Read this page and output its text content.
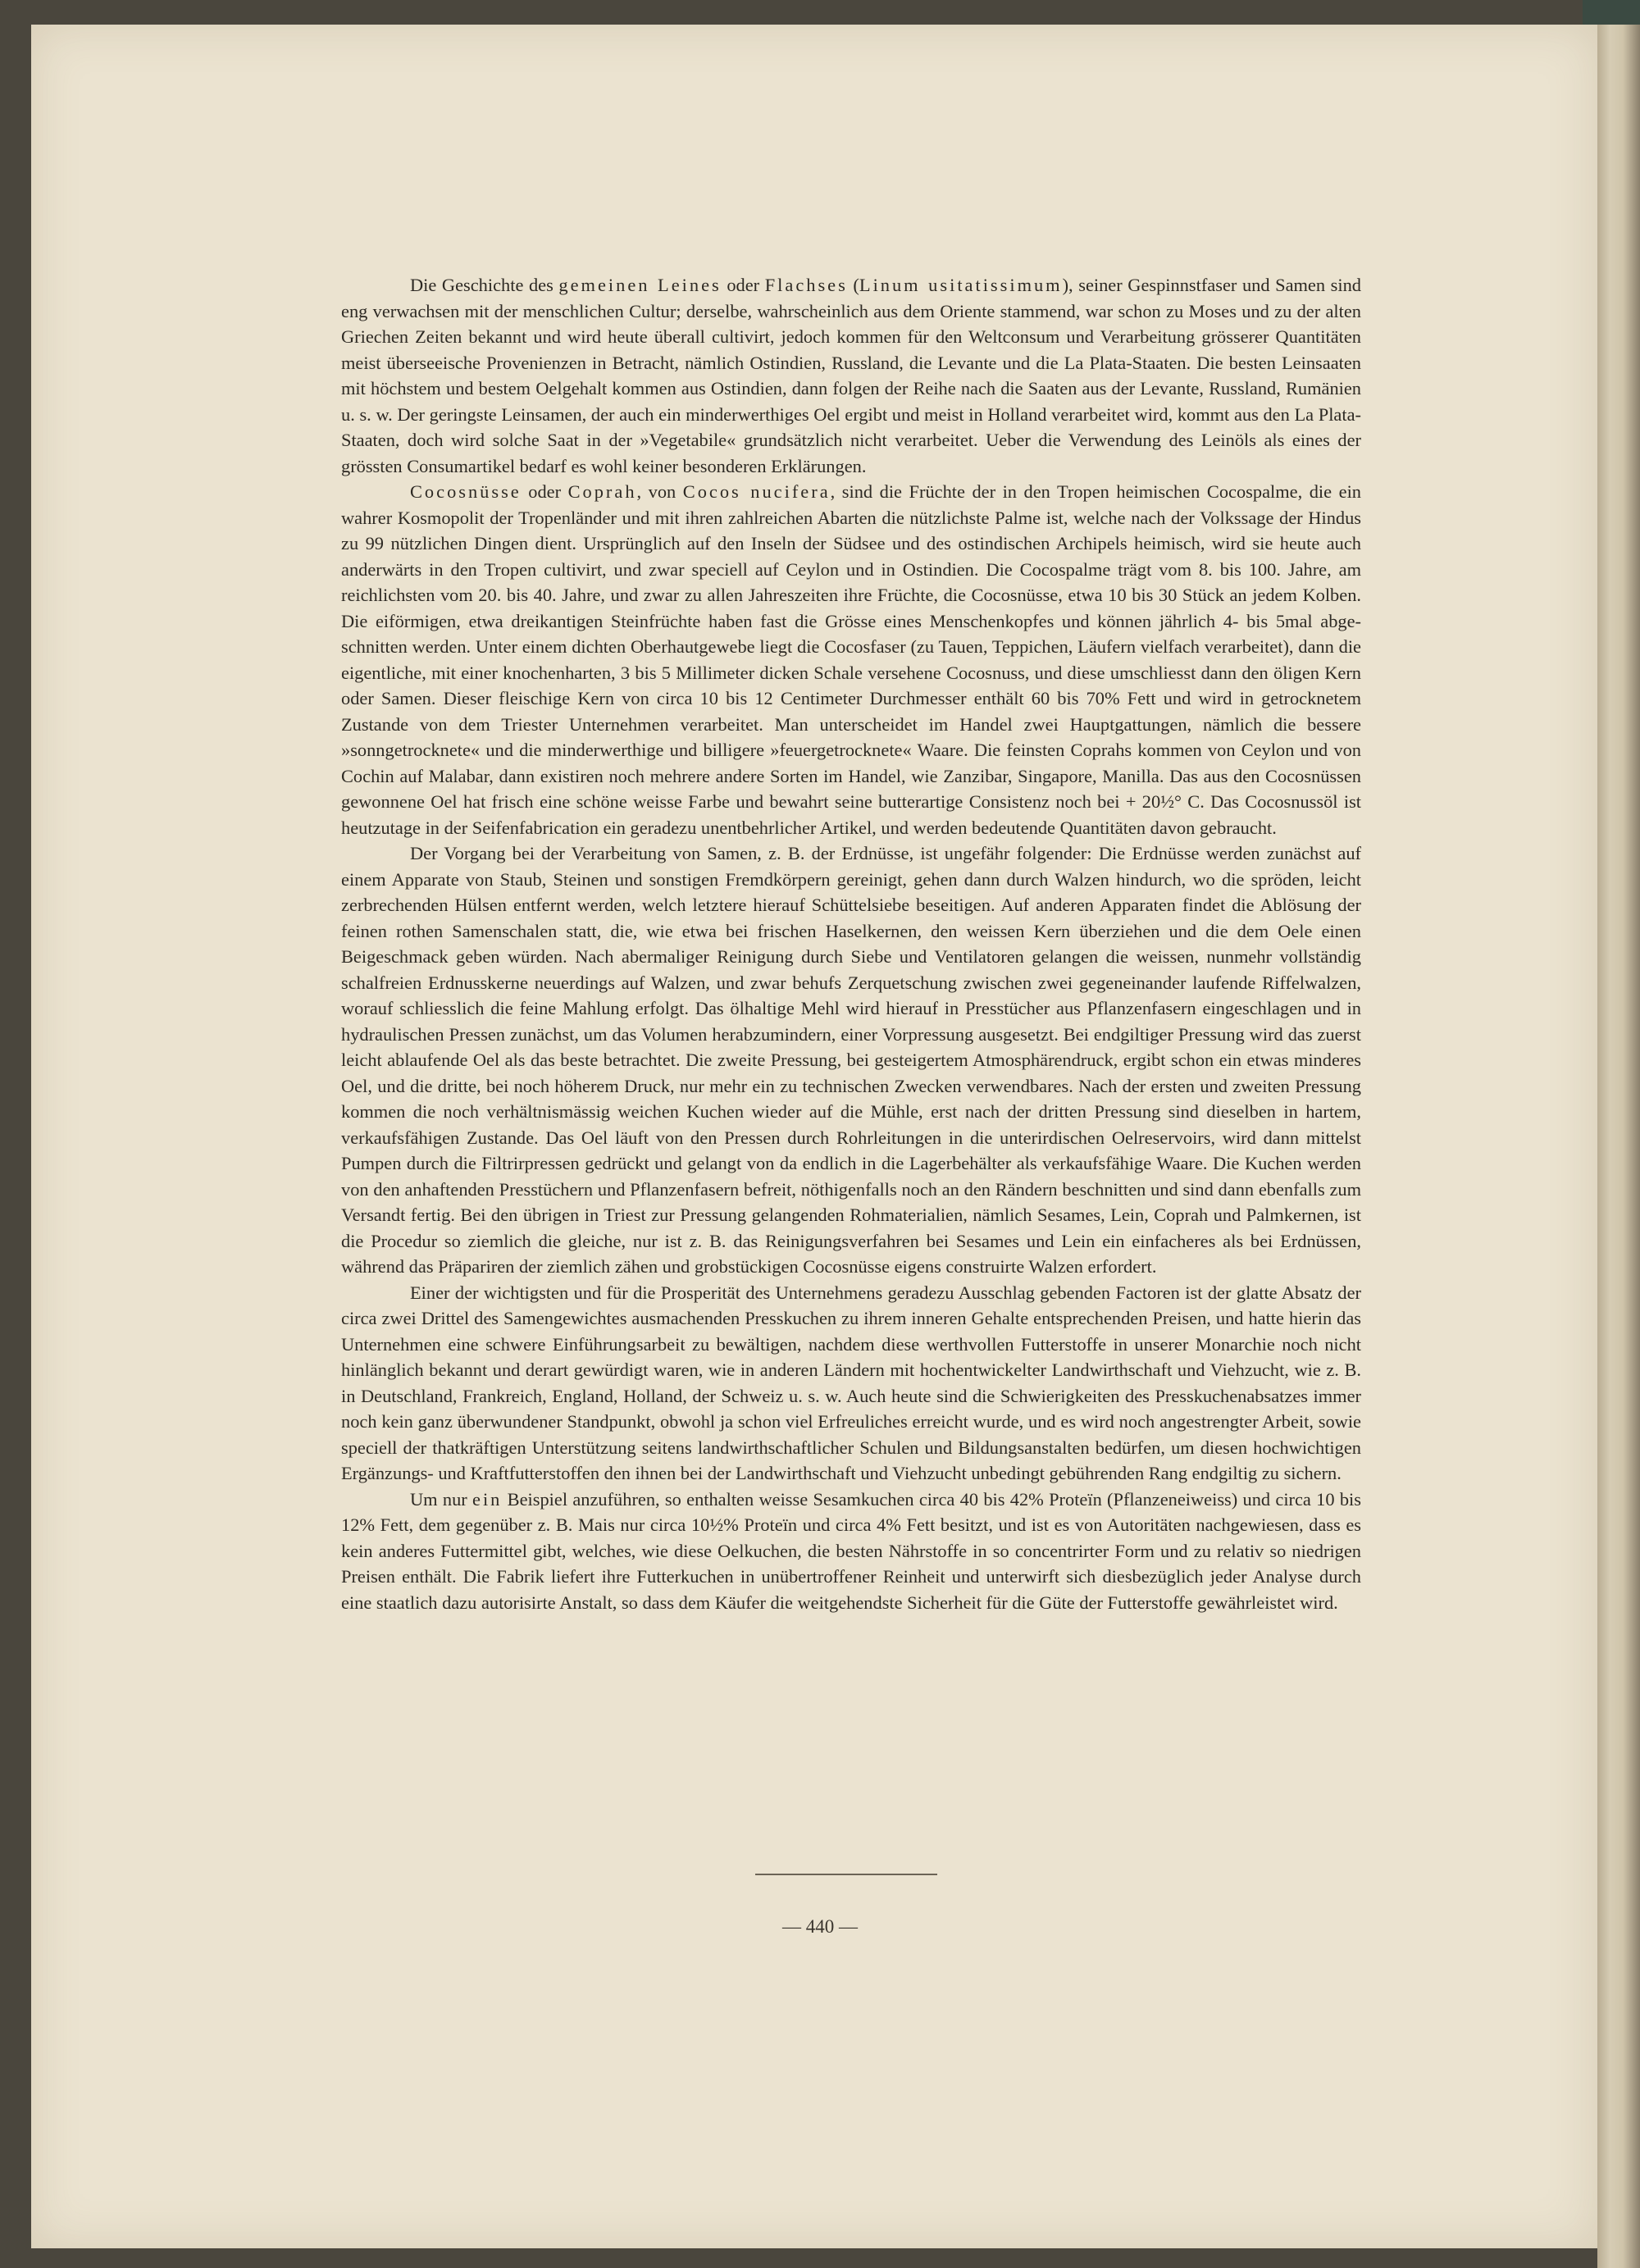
Die Geschichte des gemeinen Leines oder Flachses (Linum usitatissimum), seiner Gespinnstfaser und Samen sind eng verwachsen mit der menschlichen Cultur; derselbe, wahrscheinlich aus dem Oriente stammend, war schon zu Moses und zu der alten Griechen Zeiten bekannt und wird heute überall cultivirt, jedoch kommen für den Weltconsum und Verarbeitung grösserer Quantitäten meist überseeische Provenienzen in Betracht, nämlich Ostindien, Russland, die Levante und die La Plata-Staaten. Die besten Leinsaaten mit höchstem und bestem Oelgehalt kommen aus Ostindien, dann folgen der Reihe nach die Saaten aus der Levante, Russland, Rumänien u. s. w. Der geringste Leinsamen, der auch ein minderwerthiges Oel ergibt und meist in Holland verarbeitet wird, kommt aus den La Plata-Staaten, doch wird solche Saat in der »Vegetabile« grundsätzlich nicht verarbeitet. Ueber die Verwendung des Leinöls als eines der grössten Consumartikel bedarf es wohl keiner besonderen Erklärungen.

Cocosnüsse oder Coprah, von Cocos nucifera, sind die Früchte der in den Tropen heimischen Cocospalme, die ein wahrer Kosmopolit der Tropenländer und mit ihren zahlreichen Abarten die nützlichste Palme ist, welche nach der Volkssage der Hindus zu 99 nützlichen Dingen dient. Ursprünglich auf den Inseln der Südsee und des ostindischen Archipels heimisch, wird sie heute auch anderwärts in den Tropen cultivirt, und zwar speciell auf Ceylon und in Ostindien. Die Cocospalme trägt vom 8. bis 100. Jahre, am reichlichsten vom 20. bis 40. Jahre, und zwar zu allen Jahreszeiten ihre Früchte, die Cocosnüsse, etwa 10 bis 30 Stück an jedem Kolben. Die eiförmigen, etwa dreikantigen Steinfrüchte haben fast die Grösse eines Menschenkopfes und können jährlich 4- bis 5mal abgeschnitten werden. Unter einem dichten Oberhautgewebe liegt die Cocosfaser (zu Tauen, Teppichen, Läufern vielfach verarbeitet), dann die eigentliche, mit einer knochenharten, 3 bis 5 Millimeter dicken Schale versehene Cocosnuss, und diese umschliesst dann den öligen Kern oder Samen. Dieser fleischige Kern von circa 10 bis 12 Centimeter Durchmesser enthält 60 bis 70% Fett und wird in getrocknetem Zustande von dem Triester Unternehmen verarbeitet. Man unterscheidet im Handel zwei Hauptgattungen, nämlich die bessere »sonngetrocknete« und die minderwerthige und billigere »feuergetrocknete« Waare. Die feinsten Coprahs kommen von Ceylon und von Cochin auf Malabar, dann existiren noch mehrere andere Sorten im Handel, wie Zanzibar, Singapore, Manilla. Das aus den Cocosnüssen gewonnene Oel hat frisch eine schöne weisse Farbe und bewahrt seine butterartige Consistenz noch bei + 20½° C. Das Cocosnussöl ist heutzutage in der Seifenfabrication ein geradezu unentbehrlicher Artikel, und werden bedeutende Quantitäten davon gebraucht.

Der Vorgang bei der Verarbeitung von Samen, z. B. der Erdnüsse, ist ungefähr folgender: Die Erdnüsse werden zunächst auf einem Apparate von Staub, Steinen und sonstigen Fremdkörpern gereinigt, gehen dann durch Walzen hindurch, wo die spröden, leicht zerbrechenden Hülsen entfernt werden, welch letztere hierauf Schüttelsiebe beseitigen. Auf anderen Apparaten findet die Ablösung der feinen rothen Samenschalen statt, die, wie etwa bei frischen Haselkernen, den weissen Kern überziehen und die dem Oele einen Beigeschmack geben würden. Nach abermaliger Reinigung durch Siebe und Ventilatoren gelangen die weissen, nunmehr vollständig schalfreien Erdnusskerne neuerdings auf Walzen, und zwar behufs Zerquetschung zwischen zwei gegeneinander laufende Riffelwalzen, worauf schliesslich die feine Mahlung erfolgt. Das ölhaltige Mehl wird hierauf in Presstücher aus Pflanzenfasern eingeschlagen und in hydraulischen Pressen zunächst, um das Volumen herabzumindern, einer Vorpressung ausgesetzt. Bei endgiltiger Pressung wird das zuerst leicht ablaufende Oel als das beste betrachtet. Die zweite Pressung, bei gesteigertem Atmosphärendruck, ergibt schon ein etwas minderes Oel, und die dritte, bei noch höherem Druck, nur mehr ein zu technischen Zwecken verwendbares. Nach der ersten und zweiten Pressung kommen die noch verhältnismässig weichen Kuchen wieder auf die Mühle, erst nach der dritten Pressung sind dieselben in hartem, verkaufsfähigen Zustande. Das Oel läuft von den Pressen durch Rohrleitungen in die unterirdischen Oelreservoirs, wird dann mittelst Pumpen durch die Filtrirpressen gedrückt und gelangt von da endlich in die Lagerbehälter als verkaufsfähige Waare. Die Kuchen werden von den anhaftenden Presstüchern und Pflanzenfasern befreit, nöthigenfalls noch an den Rändern beschnitten und sind dann ebenfalls zum Versandt fertig. Bei den übrigen in Triest zur Pressung gelangenden Rohmaterialien, nämlich Sesames, Lein, Coprah und Palmkernen, ist die Procedur so ziemlich die gleiche, nur ist z. B. das Reinigungsverfahren bei Sesames und Lein ein einfacheres als bei Erdnüssen, während das Präpariren der ziemlich zähen und grobstückigen Cocosnüsse eigens construirte Walzen erfordert.

Einer der wichtigsten und für die Prosperität des Unternehmens geradezu Ausschlag gebenden Factoren ist der glatte Absatz der circa zwei Drittel des Samengewichtes ausmachenden Presskuchen zu ihrem inneren Gehalte entsprechenden Preisen, und hatte hierin das Unternehmen eine schwere Einführungsarbeit zu bewältigen, nachdem diese werthvollen Futterstoffe in unserer Monarchie noch nicht hinlänglich bekannt und derart gewürdigt waren, wie in anderen Ländern mit hochentwickelter Landwirthschaft und Viehzucht, wie z. B. in Deutschland, Frankreich, England, Holland, der Schweiz u. s. w. Auch heute sind die Schwierigkeiten des Presskuchenabsatzes immer noch kein ganz überwundener Standpunkt, obwohl ja schon viel Erfreuliches erreicht wurde, und es wird noch angestrengter Arbeit, sowie speciell der thatkräftigen Unterstützung seitens landwirthschaftlicher Schulen und Bildungsanstalten bedürfen, um diesen hochwichtigen Ergänzungs- und Kraftfutterstoffen den ihnen bei der Landwirthschaft und Viehzucht unbedingt gebührenden Rang endgiltig zu sichern.

Um nur ein Beispiel anzuführen, so enthalten weisse Sesamkuchen circa 40 bis 42% Proteïn (Pflanzeneiweiss) und circa 10 bis 12% Fett, dem gegenüber z. B. Mais nur circa 10½% Proteïn und circa 4% Fett besitzt, und ist es von Autoritäten nachgewiesen, dass es kein anderes Futtermittel gibt, welches, wie diese Oelkuchen, die besten Nährstoffe in so concentrirter Form und zu relativ so niedrigen Preisen enthält. Die Fabrik liefert ihre Futterkuchen in unübertroffener Reinheit und unterwirft sich diesbezüglich jeder Analyse durch eine staatlich dazu autorisirte Anstalt, so dass dem Käufer die weitgehendste Sicherheit für die Güte der Futterstoffe gewährleistet wird.

— 440 —
